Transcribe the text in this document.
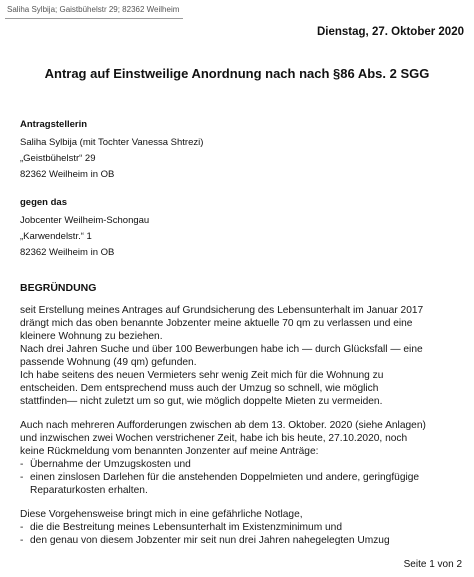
Saliha Sylbija; Gaistbühelstr 29; 82362 Weilheim
Dienstag, 27. Oktober 2020
Antrag auf Einstweilige Anordnung nach nach §86 Abs. 2 SGG
Antragstellerin
Saliha Sylbija (mit Tochter Vanessa Shtrezi)
„Geistbühelstr“ 29
82362 Weilheim in OB
gegen das
Jobcenter Weilheim-Schongau
„Karwendelstr.“ 1
82362 Weilheim in OB
BEGRÜNDUNG
seit Erstellung meines Antrages auf Grundsicherung des Lebensunterhalt im Januar 2017
drängt mich das oben benannte Jobzenter meine aktuelle 70 qm zu verlassen und eine
kleinere Wohnung zu beziehen.
Nach drei Jahren Suche und über 100 Bewerbungen habe ich — durch Glücksfall — eine
passende Wohnung (49 qm) gefunden.
Ich habe seitens des neuen Vermieters sehr wenig Zeit mich für die Wohnung zu
entscheiden. Dem entsprechend muss auch der Umzug so schnell, wie möglich
stattfinden— nicht zuletzt um so gut, wie möglich doppelte Mieten zu vermeiden.
Auch nach mehreren Aufforderungen zwischen ab dem 13. Oktober. 2020 (siehe Anlagen)
und inzwischen zwei Wochen verstrichener Zeit, habe ich bis heute, 27.10.2020, noch
keine Rückmeldung vom benannten Jonzenter auf meine Anträge:
- Übernahme der Umzugskosten und
- einen zinslosen Darlehen für die anstehenden Doppelmieten und andere, geringfügige
Reparaturkosten erhalten.
Diese Vorgehensweise bringt mich in eine gefährliche Notlage,
- die die Bestreitung meines Lebensunterhalt im Existenzminimum und
- den genau von diesem Jobzenter mir seit nun drei Jahren nahegelegten Umzug
Seite 1 von 2
